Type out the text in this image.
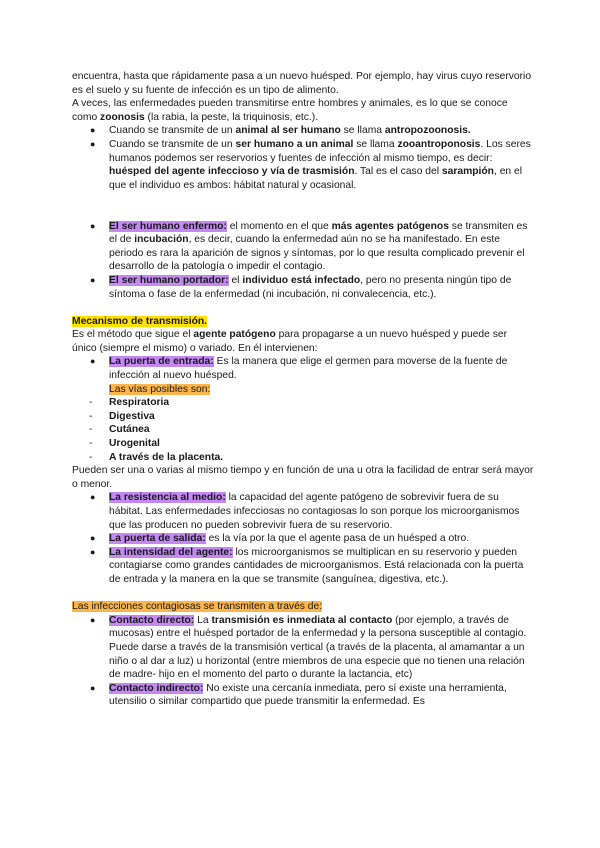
encuentra, hasta que rápidamente pasa a un nuevo huésped. Por ejemplo, hay virus cuyo reservorio es el suelo y su fuente de infección es un tipo de alimento.

A veces, las enfermedades pueden transmitirse entre hombres y animales, es lo que se conoce como zoonosis (la rabia, la peste, la triquinosis, etc.).

● Cuando se transmite de un animal al ser humano se llama antropozoonosis.
● Cuando se transmite de un ser humano a un animal se llama zooantroponosis. Los seres humanos podemos ser reservorios y fuentes de infección al mismo tiempo, es decir: huésped del agente infeccioso y vía de trasmisión. Tal es el caso del sarampión, en el que el individuo es ambos: hábitat natural y ocasional.
● El ser humano enfermo: el momento en el que más agentes patógenos se transmiten es el de incubación, es decir, cuando la enfermedad aún no se ha manifestado. En este periodo es rara la aparición de signos y síntomas, por lo que resulta complicado prevenir el desarrollo de la patología o impedir el contagio.
● El ser humano portador: el individuo está infectado, pero no presenta ningún tipo de síntoma o fase de la enfermedad (ni incubación, ni convalecencia, etc.).

Mecanismo de transmisión.

Es el método que sigue el agente patógeno para propagarse a un nuevo huésped y puede ser único (siempre el mismo) o variado. En él intervienen:

● La puerta de entrada: Es la manera que elige el germen para moverse de la fuente de infección al nuevo huésped.
Las vías posibles son:
- Respiratoria
- Digestiva
- Cutánea
- Urogenital
- A través de la placenta.

Pueden ser una o varias al mismo tiempo y en función de una u otra la facilidad de entrar será mayor o menor.

● La resistencia al medio: la capacidad del agente patógeno de sobrevivir fuera de su hábitat. Las enfermedades infecciosas no contagiosas lo son porque los microorganismos que las producen no pueden sobrevivir fuera de su reservorio.
● La puerta de salida: es la vía por la que el agente pasa de un huésped a otro.
● La intensidad del agente: los microorganismos se multiplican en su reservorio y pueden contagiarse como grandes cantidades de microorganismos. Está relacionada con la puerta de entrada y la manera en la que se transmite (sanguínea, digestiva, etc.).

Las infecciones contagiosas se transmiten a través de:

● Contacto directo: La transmisión es inmediata al contacto (por ejemplo, a través de mucosas) entre el huésped portador de la enfermedad y la persona susceptible al contagio. Puede darse a través de la transmisión vertical (a través de la placenta, al amamantar a un niño o al dar a luz) u horizontal (entre miembros de una especie que no tienen una relación de madre- hijo en el momento del parto o durante la lactancia, etc)
● Contacto indirecto: No existe una cercanía inmediata, pero sí existe una herramienta, utensilio o similar compartido que puede transmitir la enfermedad. Es
